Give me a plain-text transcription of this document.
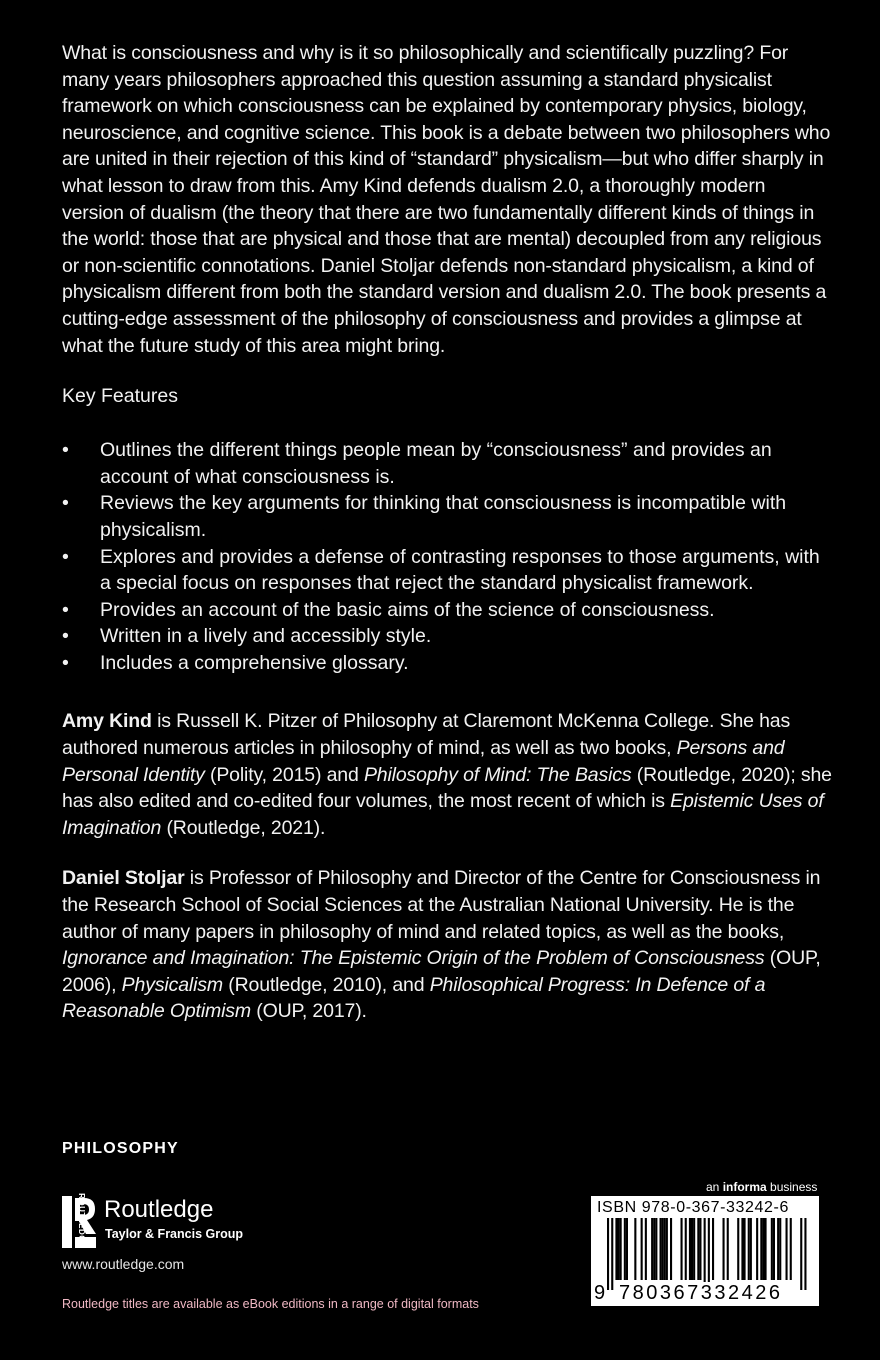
What is consciousness and why is it so philosophically and scientifically puzzling? For many years philosophers approached this question assuming a standard physicalist framework on which consciousness can be explained by contemporary physics, biology, neuroscience, and cognitive science. This book is a debate between two philosophers who are united in their rejection of this kind of “standard” physicalism—but who differ sharply in what lesson to draw from this. Amy Kind defends dualism 2.0, a thoroughly modern version of dualism (the theory that there are two fundamentally different kinds of things in the world: those that are physical and those that are mental) decoupled from any religious or non-scientific connotations. Daniel Stoljar defends non-standard physicalism, a kind of physicalism different from both the standard version and dualism 2.0. The book presents a cutting-edge assessment of the philosophy of consciousness and provides a glimpse at what the future study of this area might bring.

Key Features

• Outlines the different things people mean by “consciousness” and provides an account of what consciousness is.
• Reviews the key arguments for thinking that consciousness is incompatible with physicalism.
• Explores and provides a defense of contrasting responses to those arguments, with a special focus on responses that reject the standard physicalist framework.
• Provides an account of the basic aims of the science of consciousness.
• Written in a lively and accessibly style.
• Includes a comprehensive glossary.

Amy Kind is Russell K. Pitzer of Philosophy at Claremont McKenna College. She has authored numerous articles in philosophy of mind, as well as two books, Persons and Personal Identity (Polity, 2015) and Philosophy of Mind: The Basics (Routledge, 2020); she has also edited and co-edited four volumes, the most recent of which is Epistemic Uses of Imagination (Routledge, 2021).

Daniel Stoljar is Professor of Philosophy and Director of the Centre for Consciousness in the Research School of Social Sciences at the Australian National University. He is the author of many papers in philosophy of mind and related topics, as well as the books, Ignorance and Imagination: The Epistemic Origin of the Problem of Consciousness (OUP, 2006), Physicalism (Routledge, 2010), and Philosophical Progress: In Defence of a Reasonable Optimism (OUP, 2017).

PHILOSOPHY
ROUTLEDGE Routledge
Taylor & Francis Group
www.routledge.com
Routledge titles are available as eBook editions in a range of digital formats
an informa business
ISBN 978-0-367-33242-6
9 780367332426
